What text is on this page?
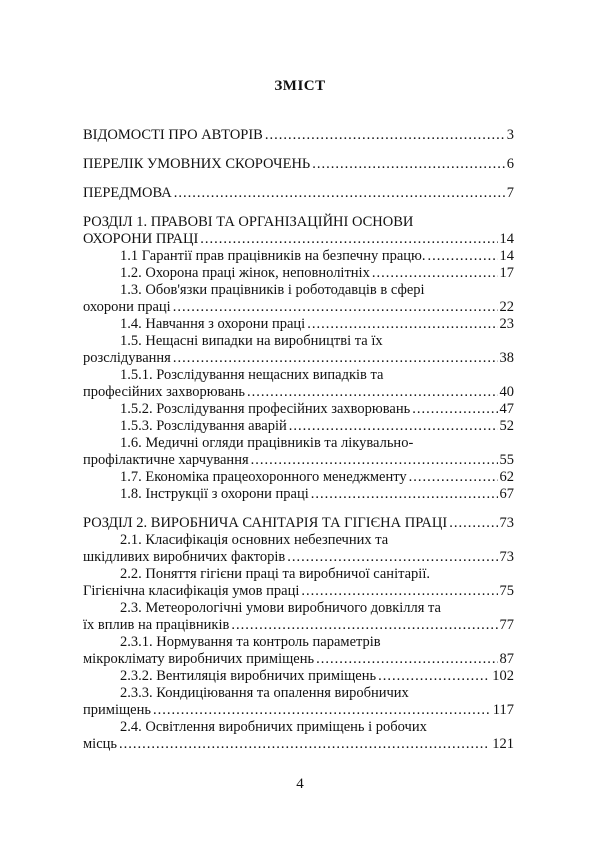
ЗМІСТ
ВІДОМОСТІ ПРО АВТОРІВ .....	3
ПЕРЕЛІК УМОВНИХ СКОРОЧЕНЬ .....	6
ПЕРЕДМОВА .....	7
РОЗДІЛ 1. ПРАВОВІ ТА ОРГАНІЗАЦІЙНІ ОСНОВИ
ОХОРОНИ ПРАЦІ .....	14
1.1 Гарантії прав працівників на безпечну працю. .....	14
1.2. Охорона праці жінок, неповнолітніх .....	17
1.3. Обов'язки працівників і роботодавців в сфері
охорони праці .....	22
1.4. Навчання з охорони праці .....	23
1.5. Нещасні випадки на виробництві та їх
розслідування .....	38
1.5.1. Розслідування нещасних випадків та
професійних захворювань .....	40
1.5.2. Розслідування професійних захворювань .....	47
1.5.3. Розслідування аварій .....	52
1.6. Медичні огляди працівників та лікувально-
профілактичне харчування .....	55
1.7. Економіка працеохоронного менеджменту .....	62
1.8. Інструкції з охорони праці .....	67
РОЗДІЛ 2. ВИРОБНИЧА САНІТАРІЯ ТА ГІГІЄНА ПРАЦІ .....	73
2.1. Класифікація основних небезпечних та
шкідливих виробничих факторів .....	73
2.2. Поняття гігієни праці та виробничої санітарії.
Гігієнічна класифікація умов праці .....	75
2.3. Метеорологічні умови виробничого довкілля та
їх вплив на працівників .....	77
2.3.1. Нормування та контроль параметрів
мікроклімату виробничих приміщень .....	87
2.3.2. Вентиляція виробничих приміщень .....	102
2.3.3. Кондиціювання та опалення виробничих
приміщень .....	117
2.4. Освітлення виробничих приміщень і робочих
місць .....	121
4
